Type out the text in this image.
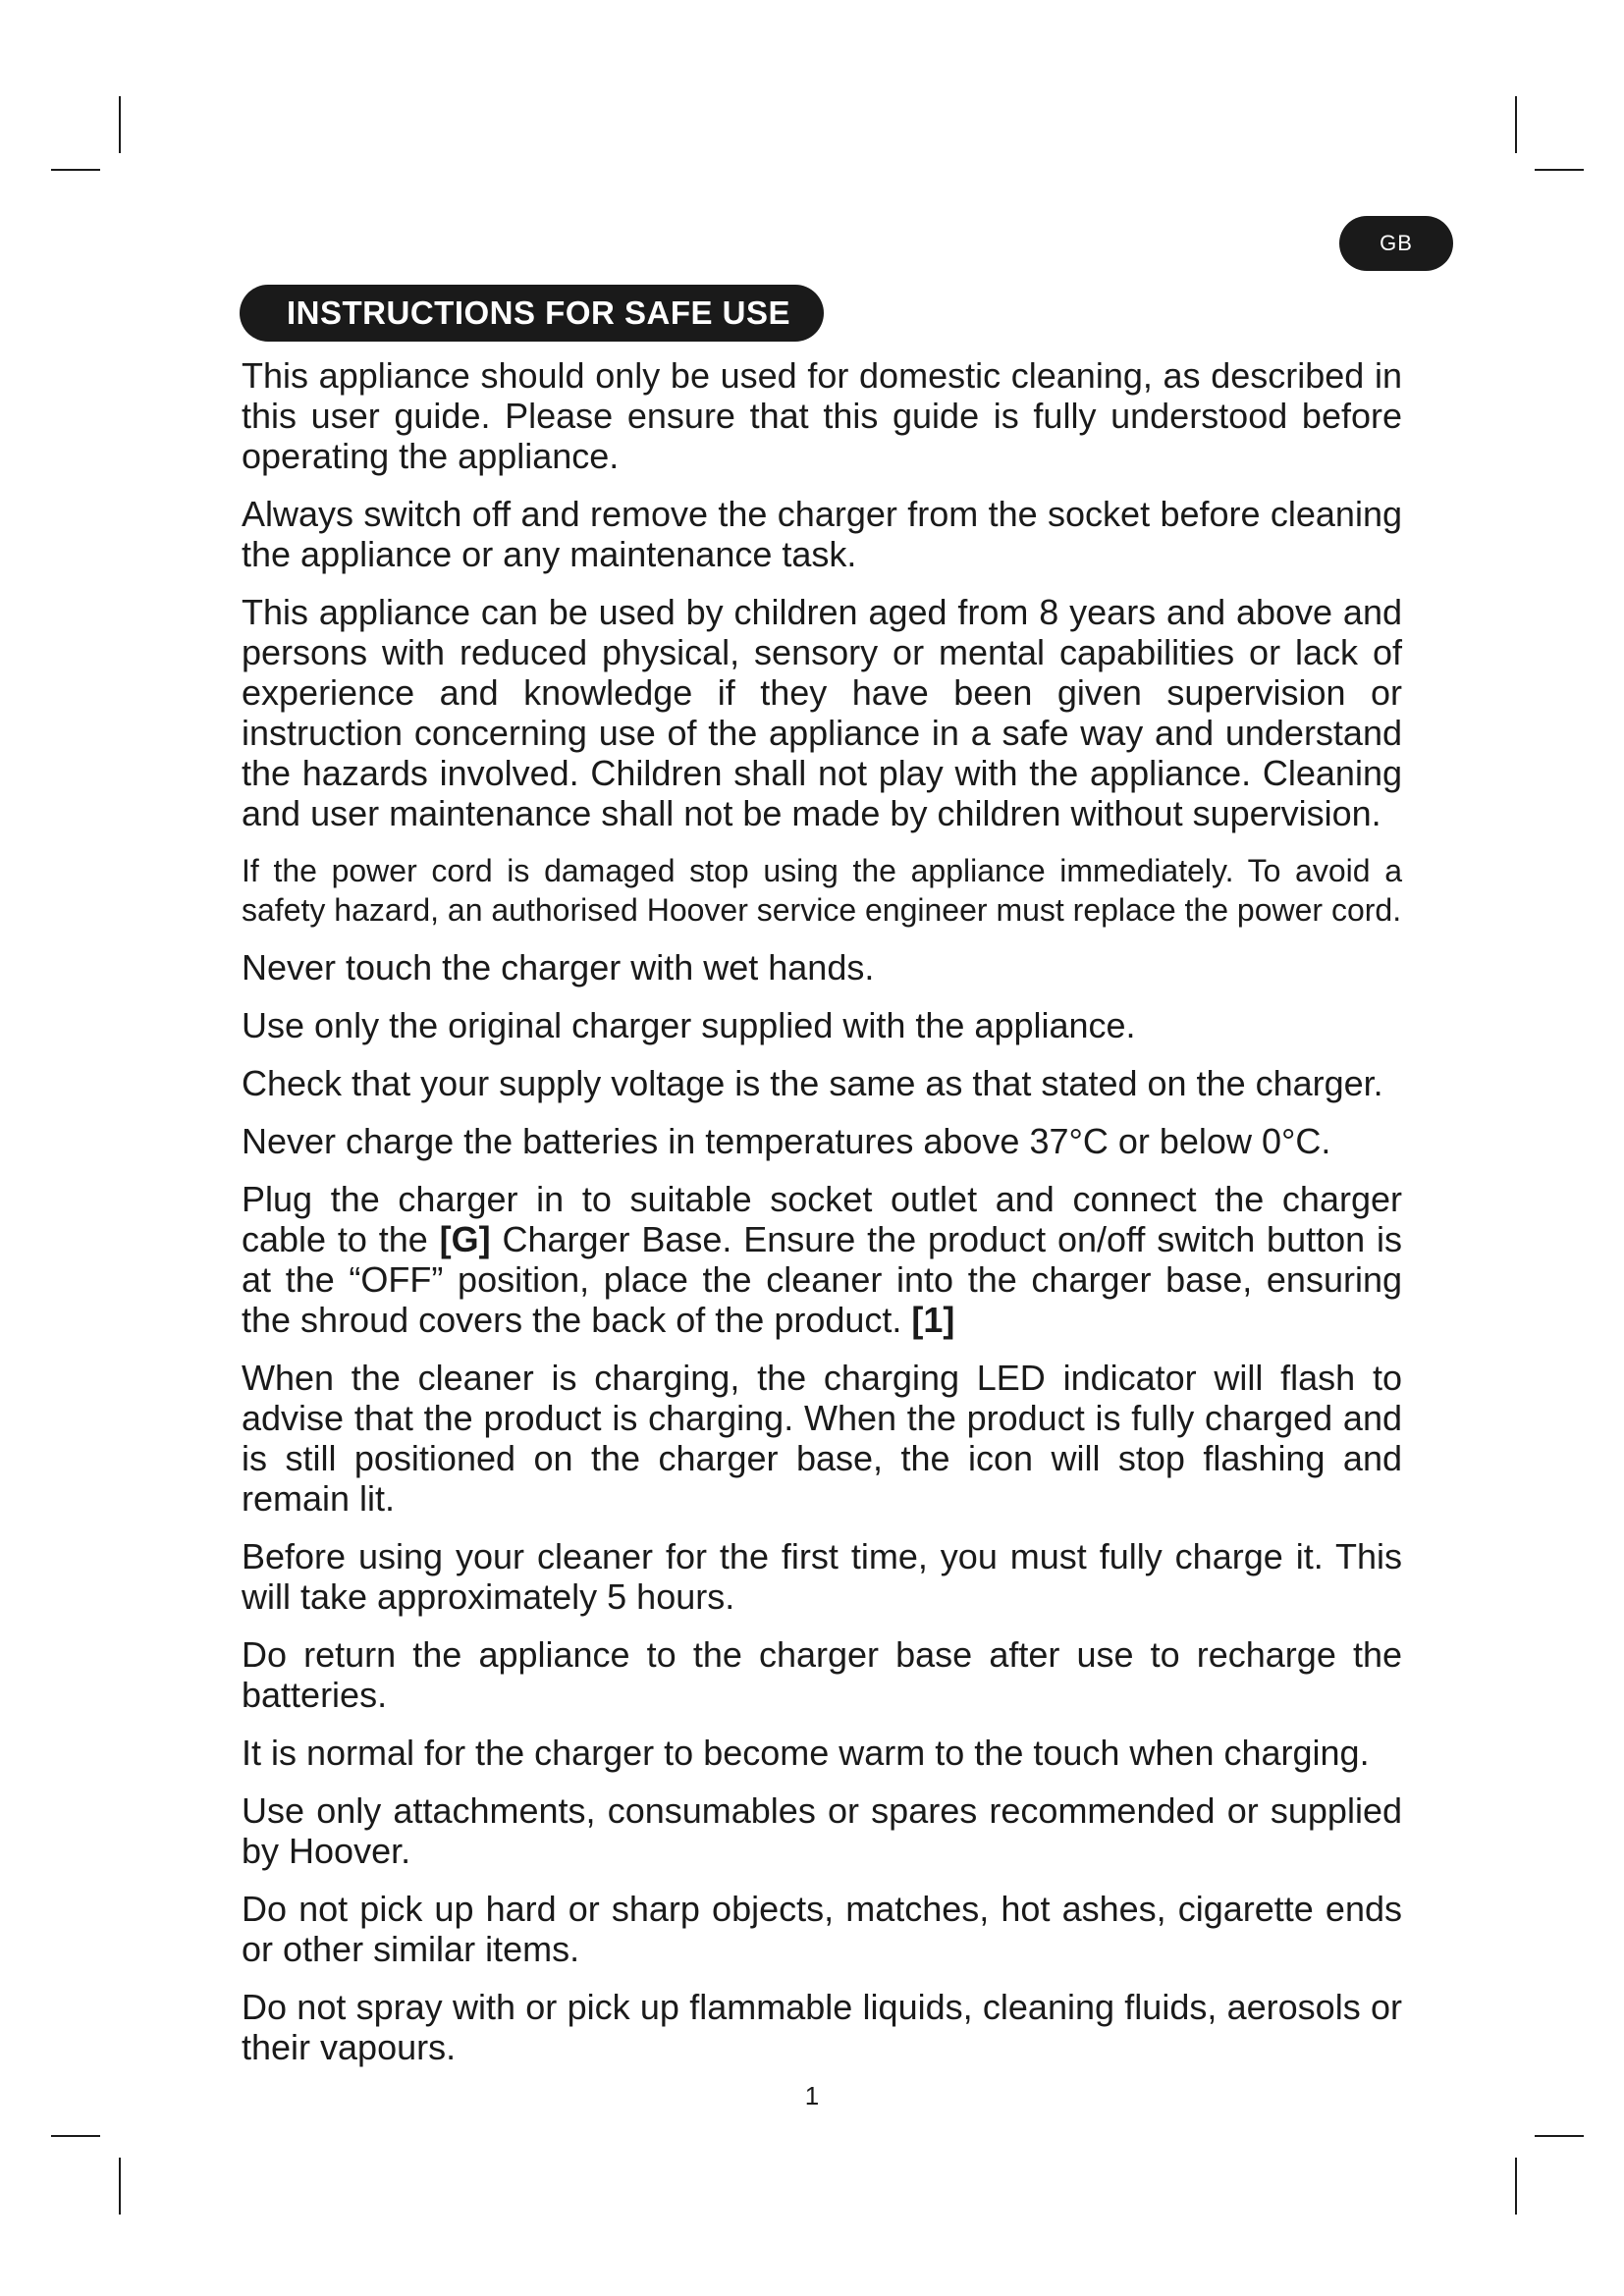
GB
INSTRUCTIONS FOR SAFE USE

This appliance should only be used for domestic cleaning, as described in this user guide. Please ensure that this guide is fully understood before operating the appliance.

Always switch off and remove the charger from the socket before cleaning the appliance or any maintenance task.

This appliance can be used by children aged from 8 years and above and persons with reduced physical, sensory or mental capabilities or lack of experience and knowledge if they have been given supervision or instruction concerning use of the appliance in a safe way and understand the hazards involved. Children shall not play with the appliance. Cleaning and user maintenance shall not be made by children without supervision.

If the power cord is damaged stop using the appliance immediately. To avoid a safety hazard, an authorised Hoover service engineer must replace the power cord.

Never touch the charger with wet hands.

Use only the original charger supplied with the appliance.

Check that your supply voltage is the same as that stated on the charger.

Never charge the batteries in temperatures above 37°C or below 0°C.

Plug the charger in to suitable socket outlet and connect the charger cable to the [G] Charger Base. Ensure the product on/off switch button is at the “OFF” position, place the cleaner into the charger base, ensuring the shroud covers the back of the product. [1]

When the cleaner is charging, the charging LED indicator will flash to advise that the product is charging. When the product is fully charged and is still positioned on the charger base, the icon will stop flashing and remain lit.

Before using your cleaner for the first time, you must fully charge it. This will take approximately 5 hours.

Do return the appliance to the charger base after use to recharge the batteries.

It is normal for the charger to become warm to the touch when charging.

Use only attachments, consumables or spares recommended or supplied by Hoover.

Do not pick up hard or sharp objects, matches, hot ashes, cigarette ends or other similar items.

Do not spray with or pick up flammable liquids, cleaning fluids, aerosols or their vapours.

1
